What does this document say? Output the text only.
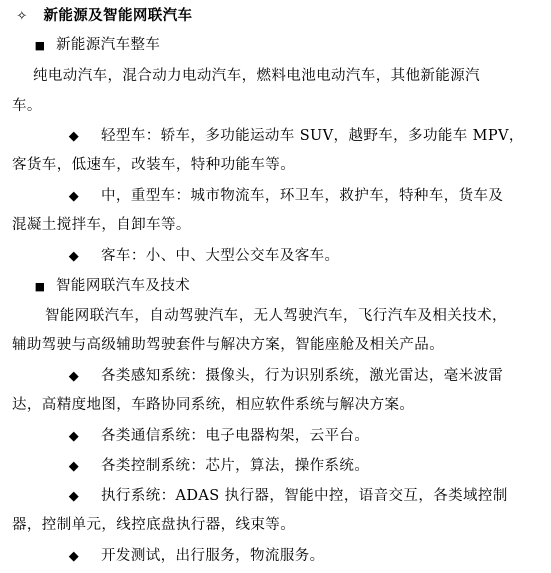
✧ 新能源及智能网联汽车
■ 新能源汽车整车
纯电动汽车，混合动力电动汽车，燃料电池电动汽车，其他新能源汽
车。
◆ 轻型车：轿车，多功能运动车 SUV，越野车，多功能车 MPV，
客货车，低速车，改装车，特种功能车等。
◆ 中，重型车：城市物流车，环卫车，救护车，特种车，货车及
混凝土搅拌车，自卸车等。
◆ 客车：小、中、大型公交车及客车。
■ 智能网联汽车及技术
智能网联汽车，自动驾驶汽车，无人驾驶汽车，飞行汽车及相关技术，
辅助驾驶与高级辅助驾驶套件与解决方案，智能座舱及相关产品。
◆ 各类感知系统：摄像头，行为识别系统，激光雷达，毫米波雷
达，高精度地图，车路协同系统，相应软件系统与解决方案。
◆ 各类通信系统：电子电器构架，云平台。
◆ 各类控制系统：芯片，算法，操作系统。
◆ 执行系统：ADAS 执行器，智能中控，语音交互，各类域控制
器，控制单元，线控底盘执行器，线束等。
◆ 开发测试，出行服务，物流服务。
